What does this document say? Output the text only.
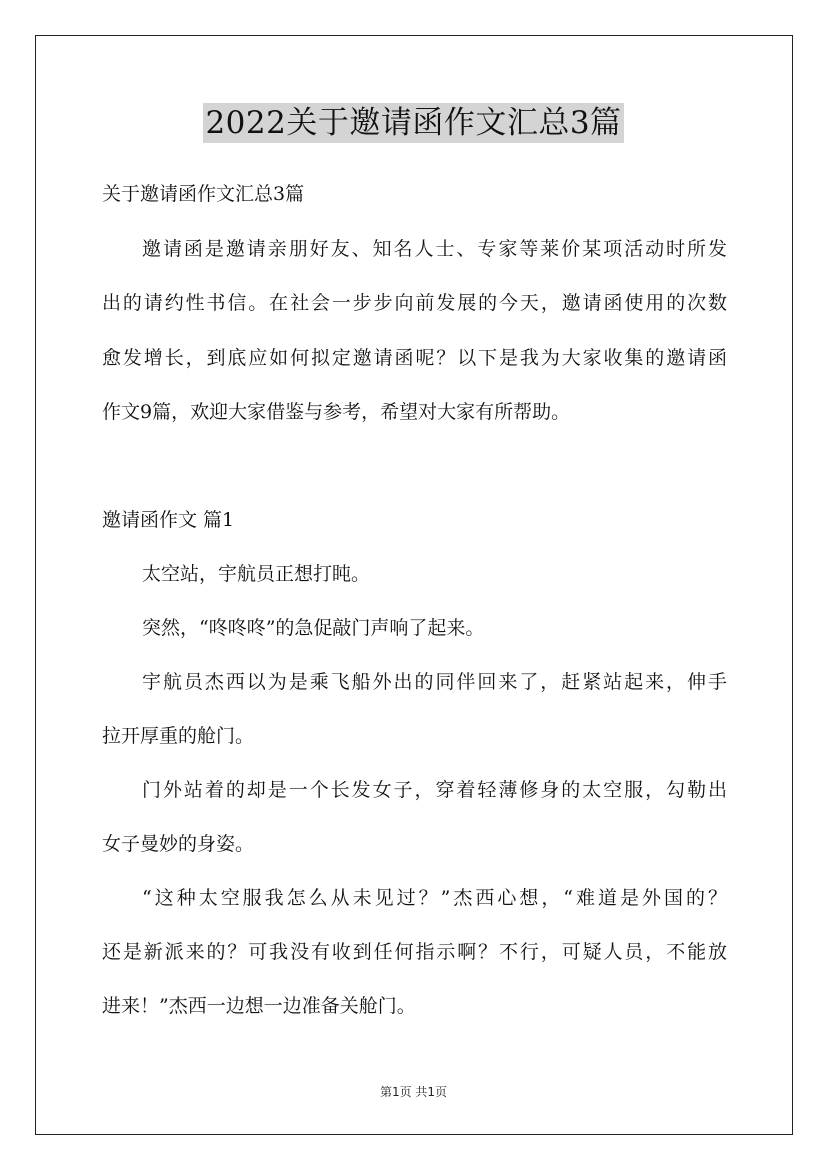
2022关于邀请函作文汇总3篇
关于邀请函作文汇总3篇
邀请函是邀请亲朋好友、知名人士、专家等莱价某项活动时所发
出的请约性书信。在社会一步步向前发展的今天，邀请函使用的次数
愈发增长，到底应如何拟定邀请函呢？以下是我为大家收集的邀请函
作文9篇，欢迎大家借鉴与参考，希望对大家有所帮助。
邀请函作文 篇1
太空站，宇航员正想打盹。
突然，“咚咚咚”的急促敲门声响了起来。
宇航员杰西以为是乘飞船外出的同伴回来了，赶紧站起来，伸手
拉开厚重的舱门。
门外站着的却是一个长发女子，穿着轻薄修身的太空服，勾勒出
女子曼妙的身姿。
“这种太空服我怎么从未见过？”杰西心想，“难道是外国的？
还是新派来的？可我没有收到任何指示啊？不行，可疑人员，不能放
进来！”杰西一边想一边准备关舱门。
第1页 共1页
